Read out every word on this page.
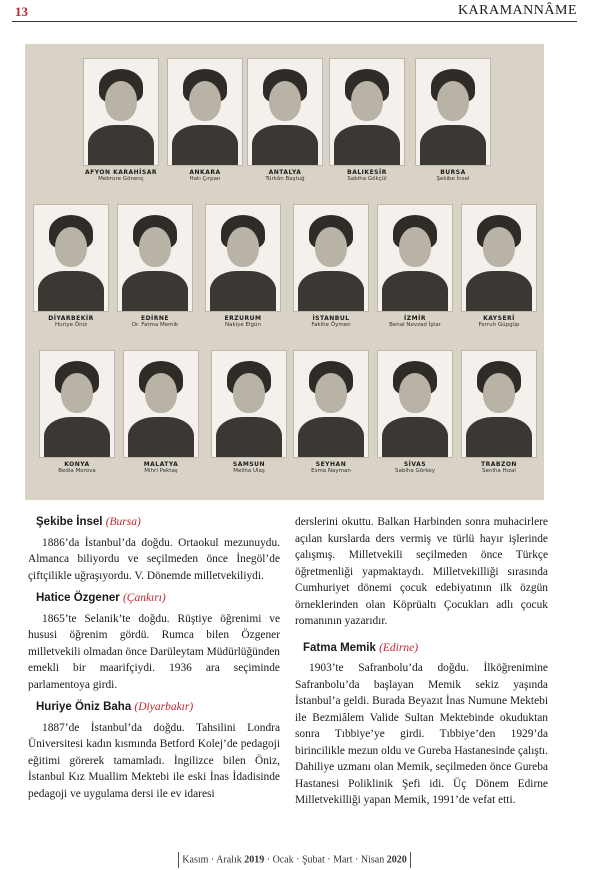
13	KARAMANNÂME
AFYON KARAHİSAR
Mebrure Gönenç
ANKARA
Hatı Çırpan
ANTALYA
Türkân Baştuğ
BALIKESİR
Sabiha Gökçül
BURSA
Şekibe İnsel
DİYARBEKİR
Huriye Öniz
EDİRNE
Dr. Fatma Memik
ERZURUM
Nakiye Elgün
İSTANBUL
Fakihe Öymen
İZMİR
Benal Nevzad İştar
KAYSERİ
Ferruh Güpgüp
KONYA
Bedia Morova
MALATYA
Mihri Pektaş
SAMSUN
Meliha Ulaş
SEYHAN
Esma Nayman
SİVAS
Sabiha Görkey
TRABZON
Seniha Hızal
Şekibe İnsel (Bursa)

1886’da İstanbul’da doğdu. Ortaokul mezunuydu. Almanca biliyordu ve seçilmeden önce İnegöl’de çiftçilikle uğraşıyordu. V. Dönemde milletvekiliydi.

Hatice Özgener (Çankırı)

1865’te Selanik’te doğdu. Rüştiye öğrenimi ve hususi öğrenim gördü. Rumca bilen Özgener milletvekili olmadan önce Darüleytam Müdürlüğünden emekli bir maarifçiydi. 1936 ara seçiminde parlamentoya girdi.

Huriye Öniz Baha (Diyarbakır)

1887’de İstanbul’da doğdu. Tahsilini Londra Üniversitesi kadın kısmında Betford Kolej’de pedagoji eğitimi görerek tamamladı. İngilizce bilen Öniz, İstanbul Kız Muallim Mektebi ile eski İnas İdadisinde pedagoji ve uygulama dersi ile ev idaresi

derslerini okuttu. Balkan Harbinden sonra muhacirlere açılan kurslarda ders vermiş ve türlü hayır işlerinde çalışmış. Milletvekili seçilmeden önce Türkçe öğretmenliği yapmaktaydı. Milletvekilliği sırasında Cumhuriyet dönemi çocuk edebiyatının ilk özgün örneklerinden olan Köprüaltı Çocukları adlı çocuk romanının yazarıdır.

Fatma Memik (Edirne)

1903’te Safranbolu’da doğdu. İlköğrenimine Safranbolu’da başlayan Memik sekiz yaşında İstanbul’a geldi. Burada Beyazıt İnas Numune Mektebi ile Bezmiâlem Valide Sultan Mektebinde okuduktan sonra Tıbbiye’ye girdi. Tıbbiye’den 1929’da birincilikle mezun oldu ve Gureba Hastanesinde çalıştı. Dahiliye uzmanı olan Memik, seçilmeden önce Gureba Hastanesi Poliklinik Şefi idi. Üç Dönem Edirne Milletvekilliği yapan Memik, 1991’de vefat etti.

Kasım · Aralık 2019 · Ocak · Şubat · Mart · Nisan 2020
